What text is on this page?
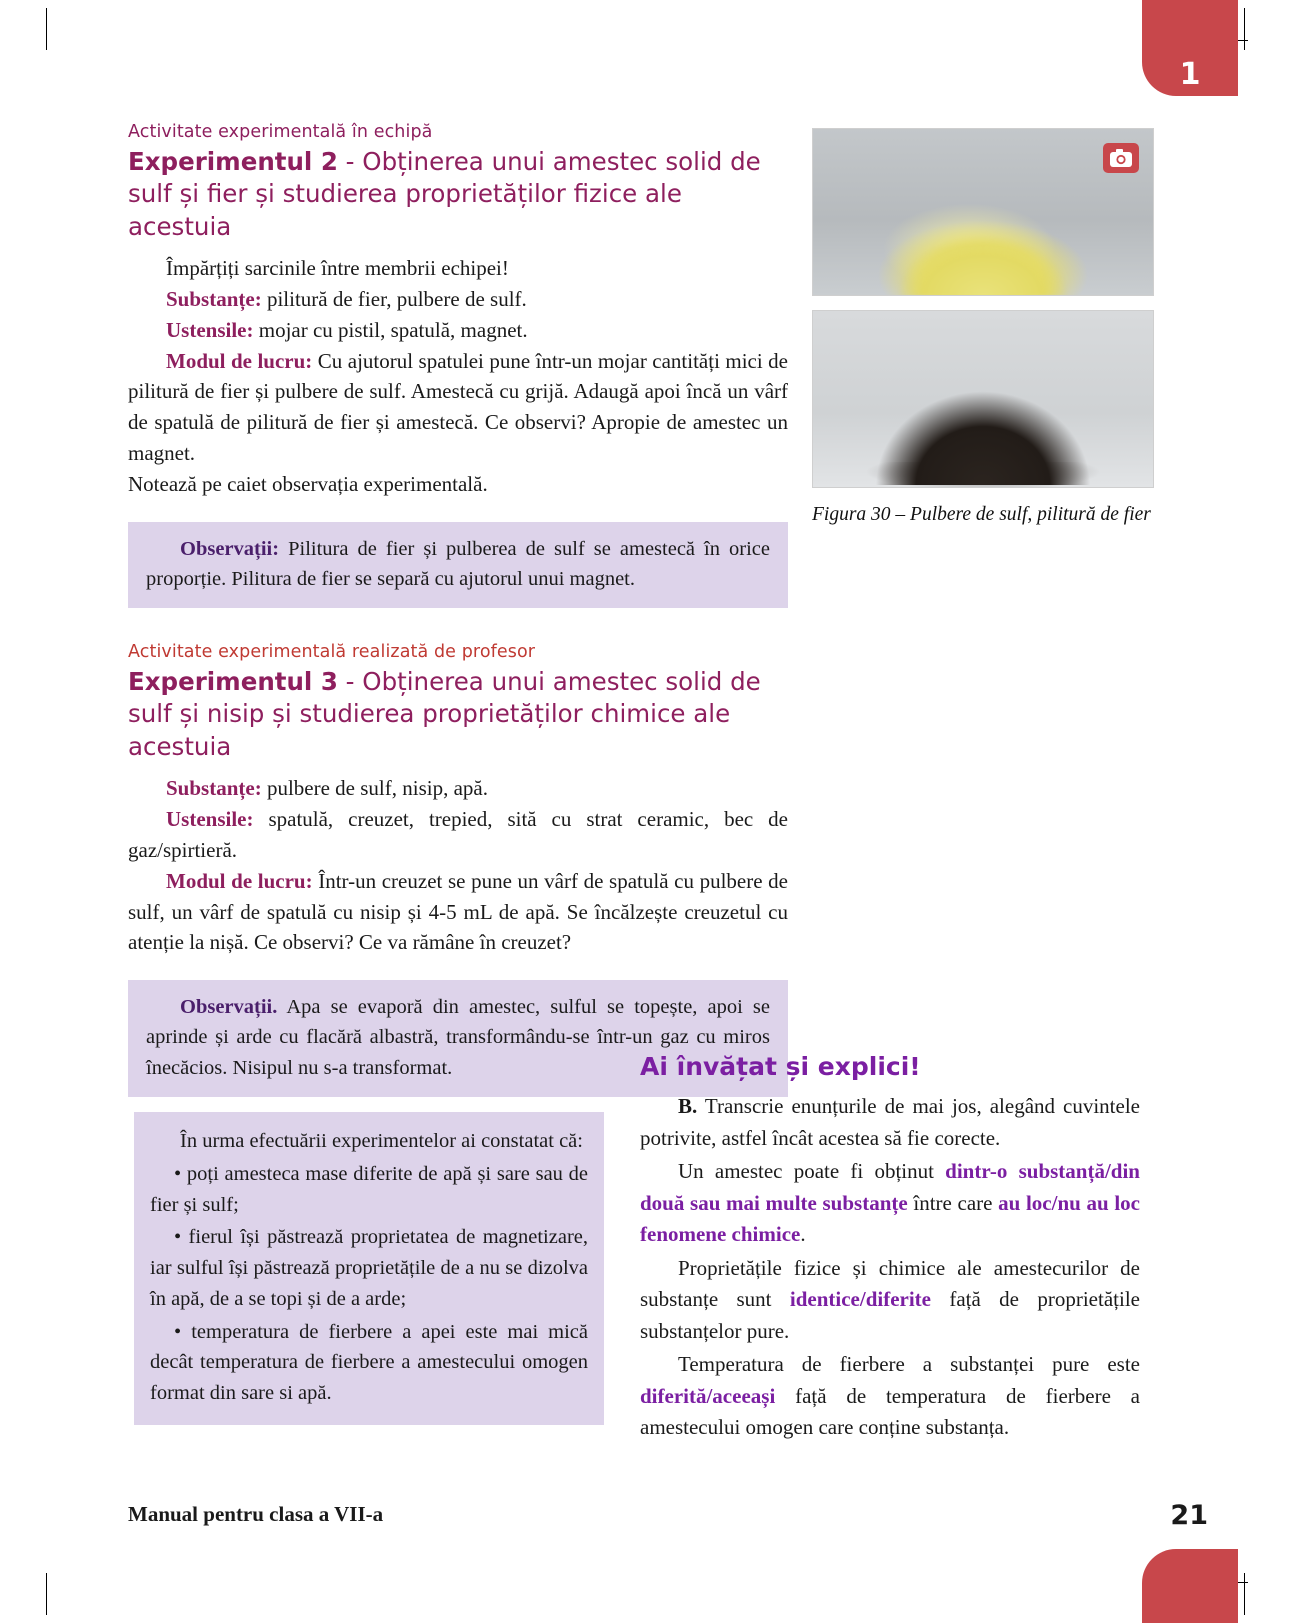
1
Activitate experimentală în echipă
Experimentul 2 - Obținerea unui amestec solid de sulf și fier și studierea proprietăților fizice ale acestuia

Împărțiți sarcinile între membrii echipei!

Substanțe: pilitură de fier, pulbere de sulf.

Ustensile: mojar cu pistil, spatulă, magnet.

Modul de lucru: Cu ajutorul spatulei pune într-un mojar cantități mici de pilitură de fier și pulbere de sulf. Amestecă cu grijă. Adaugă apoi încă un vârf de spatulă de pilitură de fier și amestecă. Ce observi? Apropie de amestec un magnet.

Notează pe caiet observația experimentală.

Observații: Pilitura de fier și pulberea de sulf se amestecă în orice proporție. Pilitura de fier se separă cu ajutorul unui magnet.

Activitate experimentală realizată de profesor
Experimentul 3 - Obținerea unui amestec solid de sulf și nisip și studierea proprietăților chimice ale acestuia

Substanțe: pulbere de sulf, nisip, apă.

Ustensile: spatulă, creuzet, trepied, sită cu strat ceramic, bec de gaz/spirtieră.

Modul de lucru: Într-un creuzet se pune un vârf de spatulă cu pulbere de sulf, un vârf de spatulă cu nisip și 4-5 mL de apă. Se încălzește creuzetul cu atenție la nișă. Ce observi? Ce va rămâne în creuzet?

Observații. Apa se evaporă din amestec, sulful se topește, apoi se aprinde și arde cu flacără albastră, transformându-se într-un gaz cu miros înecăcios. Nisipul nu s-a transformat.

Figura 30 – Pulbere de sulf, pilitură de fier

În urma efectuării experimentelor ai constatat că:

• poți amesteca mase diferite de apă și sare sau de fier și sulf;

• fierul își păstrează proprietatea de magnetizare, iar sulful își păstrează proprietățile de a nu se dizolva în apă, de a se topi și de a arde;

• temperatura de fierbere a apei este mai mică decât temperatura de fierbere a amestecului omogen format din sare si apă.

Ai învățat și explici!

B. Transcrie enunțurile de mai jos, alegând cuvintele potrivite, astfel încât acestea să fie corecte.

Un amestec poate fi obținut dintr-o substanță/din două sau mai multe substanțe între care au loc/nu au loc fenomene chimice.

Proprietățile fizice și chimice ale amestecurilor de substanțe sunt identice/diferite față de proprietățile substanțelor pure.

Temperatura de fierbere a substanței pure este diferită/aceeași față de temperatura de fierbere a amestecului omogen care conține substanța.

Manual pentru clasa a VII-a	21
